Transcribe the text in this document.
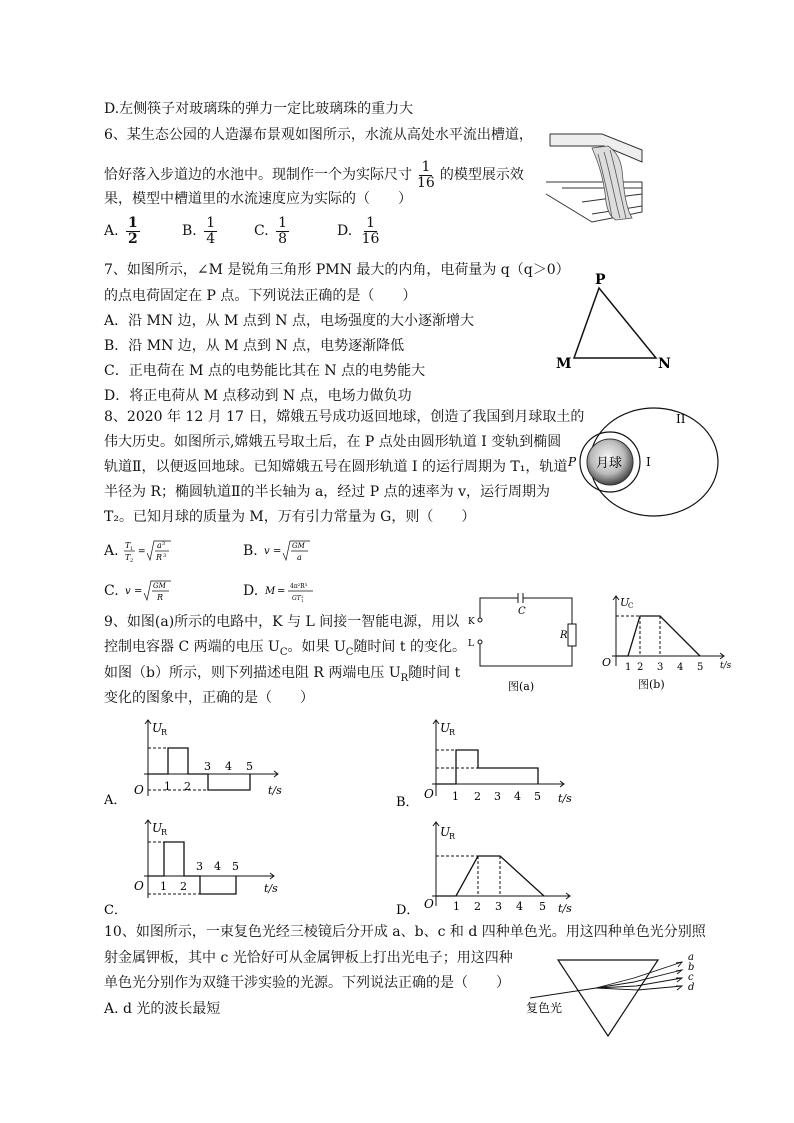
D.左侧筷子对玻璃珠的弹力一定比玻璃珠的重力大
6、某生态公园的人造瀑布景观如图所示，水流从高处水平流出槽道，
恰好落入步道边的水池中。现制作一个为实际尺寸 $\frac{1}{16}$ 的模型展示效
果，模型中槽道里的水流速度应为实际的（　　）
A. $\frac{1}{2}$	B. $\frac{1}{4}$	C. $\frac{1}{8}$	D. $\frac{1}{16}$
7、如图所示，∠M 是锐角三角形 PMN 最大的内角，电荷量为 q（q＞0）
的点电荷固定在 P 点。下列说法正确的是（　　）
A．沿 MN 边，从 M 点到 N 点，电场强度的大小逐渐增大
B．沿 MN 边，从 M 点到 N 点，电势逐渐降低
C．正电荷在 M 点的电势能比其在 N 点的电势能大
D．将正电荷从 M 点移动到 N 点，电场力做负功
P
M	N
8、2020 年 12 月 17 日，嫦娥五号成功返回地球，创造了我国到月球取土的
伟大历史。如图所示,嫦娥五号取土后，在 P 点处由圆形轨道 I 变轨到椭圆
轨道Ⅱ，以便返回地球。已知嫦娥五号在圆形轨道 I 的运行周期为 T₁，轨道
半径为 R；椭圆轨道Ⅱ的半长轴为 a，经过 P 点的速率为 v，运行周期为
T₂。已知月球的质量为 M，万有引力常量为 G，则（　　）
A. T 1
T 2
=
a 3
R 3	B. v = GM
a
C. v = GM
R	D. M = 4π²R³
GT 2
1
月球 I
II
P
9、如图(a)所示的电路中，K 与 L 间接一智能电源，用以
控制电容器 C 两端的电压 $U_C$。如果 $U_C$随时间 t 的变化。
如图（b）所示，则下列描述电阻 R 两端电压 $U_R$随时间 t
变化的图象中，正确的是（　　）
C
R
K
L
图(a)
U
C
O 1 2 3 4 5 t/s
图(b)
U
R
O 1 2
3 4 5
t/s
A．
U
R
O 1 2 3 4 5 t/s
B．
U
R
O 1 2
3 4 5
t/s
C．
U
R
O 1 2 3 4 5 t/s
D．
10、如图所示，一束复色光经三棱镜后分开成 a、b、c 和 d 四种单色光。用这四种单色光分别照
射金属钾板，其中 c 光恰好可从金属钾板上打出光电子；用这四种
单色光分别作为双缝干涉实验的光源。下列说法正确的是（　　）
A. d 光的波长最短
a
b
c
d
复色光
